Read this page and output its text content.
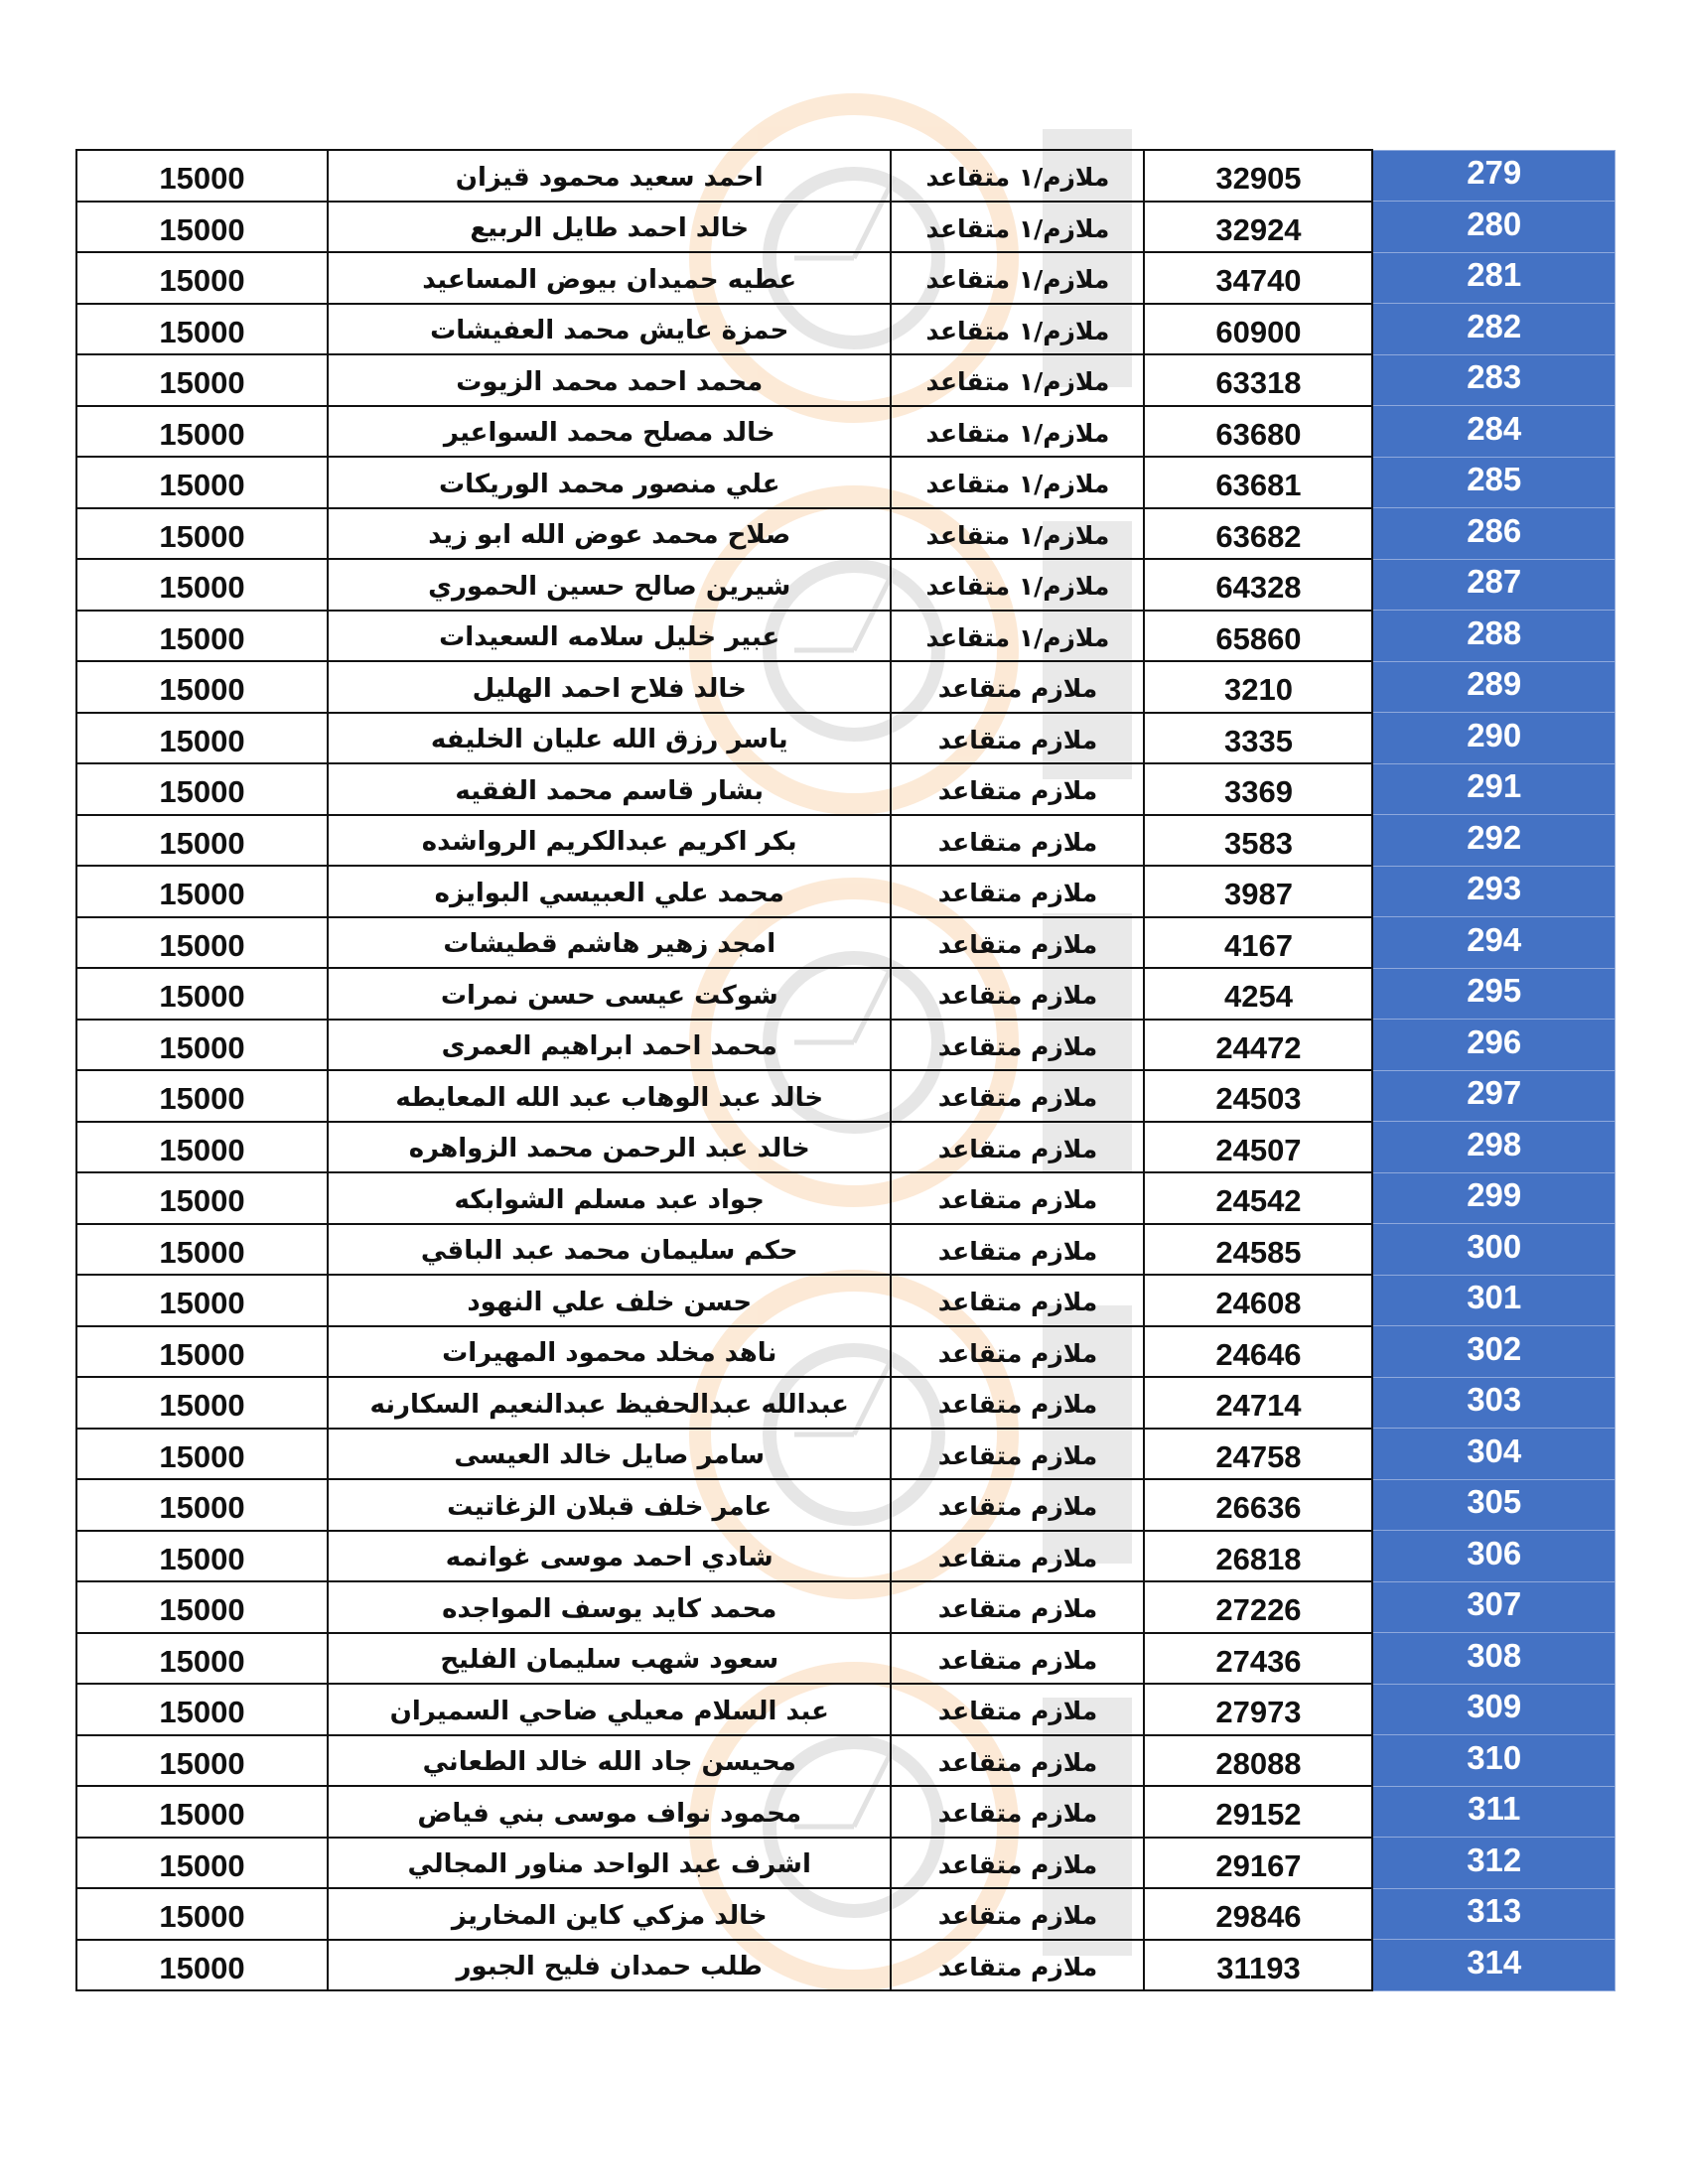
15000	احمد سعيد محمود قيزان	ملازم/١ متقاعد	32905	279
15000	خالد احمد طايل الربيع	ملازم/١ متقاعد	32924	280
15000	عطيه حميدان بيوض المساعيد	ملازم/١ متقاعد	34740	281
15000	حمزة عايش محمد العفيشات	ملازم/١ متقاعد	60900	282
15000	محمد احمد محمد الزيوت	ملازم/١ متقاعد	63318	283
15000	خالد مصلح محمد السواعير	ملازم/١ متقاعد	63680	284
15000	علي منصور محمد الوريكات	ملازم/١ متقاعد	63681	285
15000	صلاح محمد عوض الله ابو زيد	ملازم/١ متقاعد	63682	286
15000	شيرين صالح حسين الحموري	ملازم/١ متقاعد	64328	287
15000	عبير خليل سلامه السعيدات	ملازم/١ متقاعد	65860	288
15000	خالد فلاح احمد الهليل	ملازم متقاعد	3210	289
15000	ياسر رزق الله عليان الخليفه	ملازم متقاعد	3335	290
15000	بشار قاسم محمد الفقيه	ملازم متقاعد	3369	291
15000	بكر اكريم عبدالكريم الرواشده	ملازم متقاعد	3583	292
15000	محمد علي العبيسي البوايزه	ملازم متقاعد	3987	293
15000	امجد زهير هاشم قطيشات	ملازم متقاعد	4167	294
15000	شوكت عيسى حسن نمرات	ملازم متقاعد	4254	295
15000	محمد احمد ابراهيم العمرى	ملازم متقاعد	24472	296
15000	خالد عبد الوهاب عبد الله المعايطه	ملازم متقاعد	24503	297
15000	خالد عبد الرحمن محمد الزواهره	ملازم متقاعد	24507	298
15000	جواد عبد مسلم الشوابكه	ملازم متقاعد	24542	299
15000	حكم سليمان محمد عبد الباقي	ملازم متقاعد	24585	300
15000	حسن خلف علي النهود	ملازم متقاعد	24608	301
15000	ناهد مخلد محمود المهيرات	ملازم متقاعد	24646	302
15000	عبدالله عبدالحفيظ عبدالنعيم السكارنه	ملازم متقاعد	24714	303
15000	سامر صايل خالد العيسى	ملازم متقاعد	24758	304
15000	عامر خلف قبلان الزغاتيت	ملازم متقاعد	26636	305
15000	شادي احمد موسى غوانمه	ملازم متقاعد	26818	306
15000	محمد كايد يوسف المواجده	ملازم متقاعد	27226	307
15000	سعود شهب سليمان الفليح	ملازم متقاعد	27436	308
15000	عبد السلام معيلي ضاحي السميران	ملازم متقاعد	27973	309
15000	محيسن جاد الله خالد الطعاني	ملازم متقاعد	28088	310
15000	محمود نواف موسى بني فياض	ملازم متقاعد	29152	311
15000	اشرف عبد الواحد مناور المجالي	ملازم متقاعد	29167	312
15000	خالد مزكي كاين المخاريز	ملازم متقاعد	29846	313
15000	طلب حمدان فليح الجبور	ملازم متقاعد	31193	314
